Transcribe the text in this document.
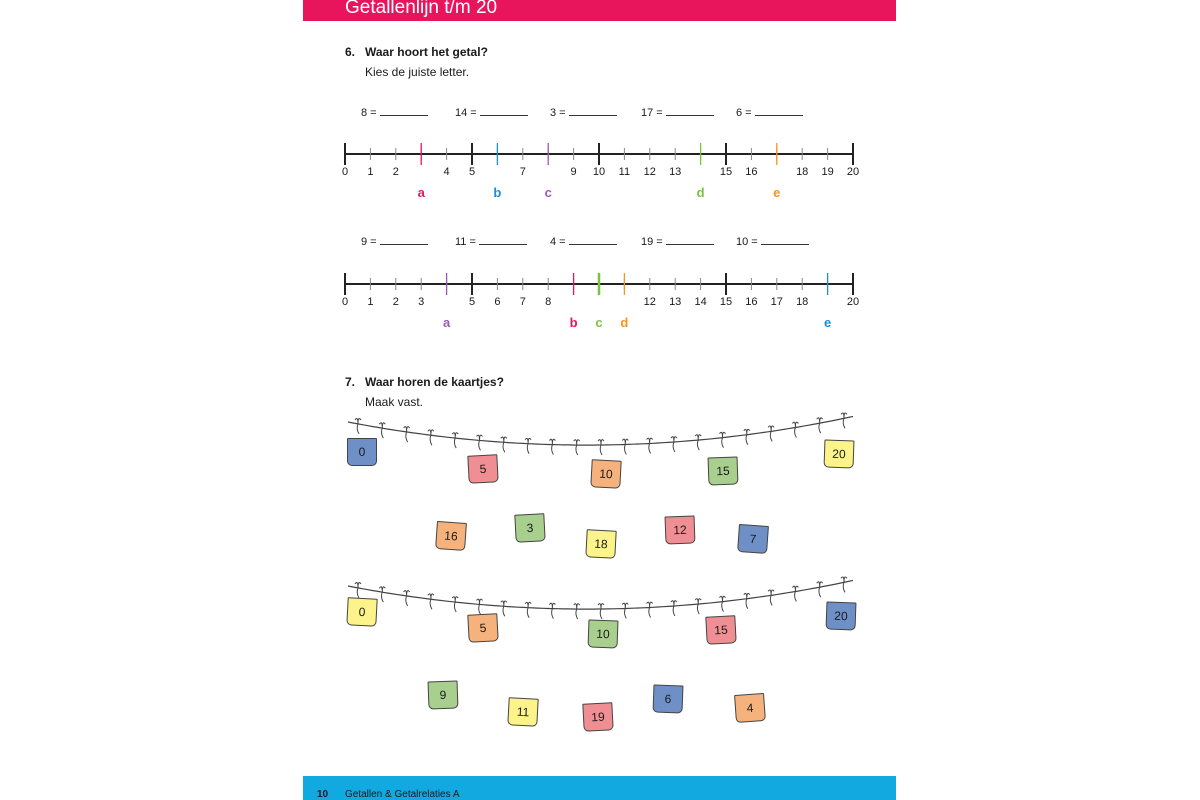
Getallenlijn t/m 20
6. Waar hoort het getal?
Kies de juiste letter.
8 =	14 =	3 =	17 =	6 =
0	1	2	4	5	7	9	10	11	12	13	15	16	18	19	20
a	b	c	d	e
9 =	11 =	4 =	19 =	10 =
0	1	2	3	5	6	7	8	12	13	14	15	16	17	18	20
a	b	c	d	e
7. Waar horen de kaartjes?
Maak vast.
0
5	10	15
20
16
3
18
12
7
0
5	10	15
20
9
11	19
6
4
10 Getallen & Getalrelaties A
